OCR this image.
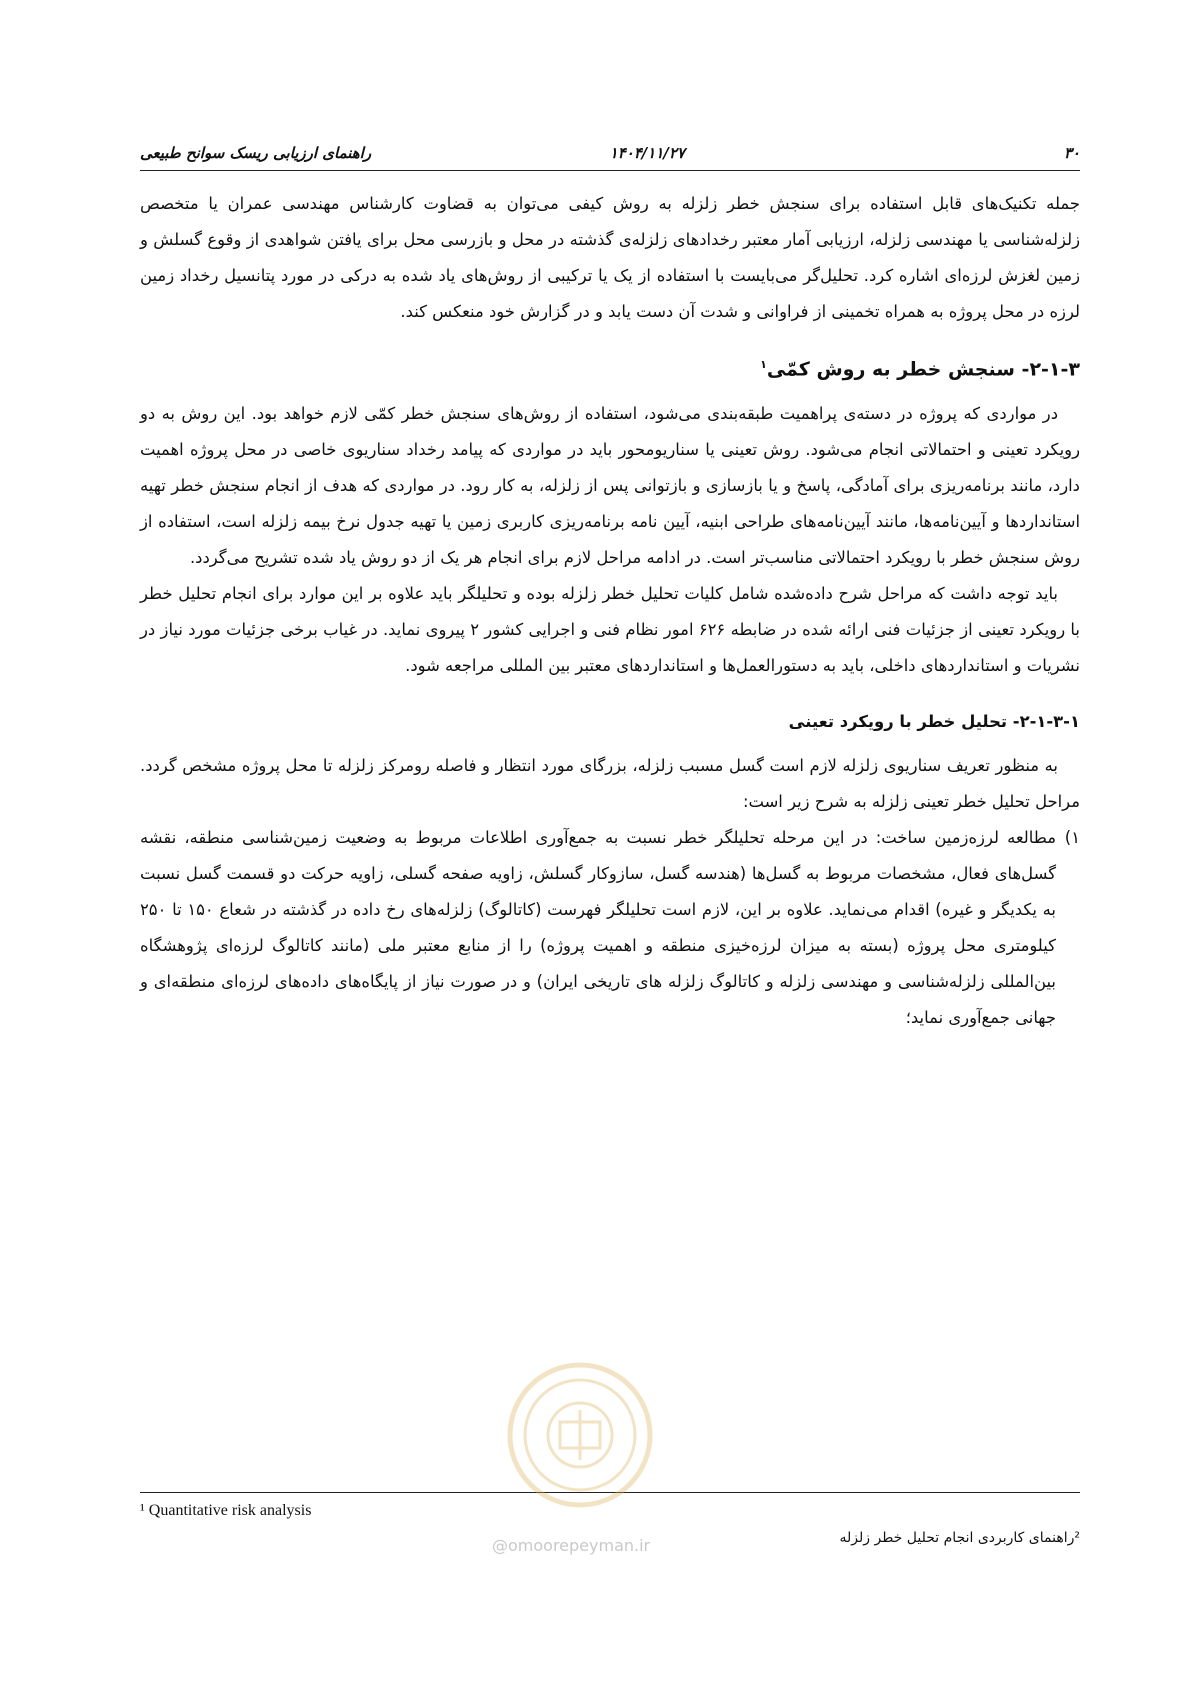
۳۰
۱۴۰۴/۱۱/۲۷
راهنمای ارزیابی ریسک سوانح طبیعی

جمله تکنیک‌های قابل استفاده برای سنجش خطر زلزله به روش کیفی می‌توان به قضاوت کارشناس مهندسی عمران یا متخصص زلزله‌شناسی یا مهندسی زلزله، ارزیابی آمار معتبر رخدادهای زلزله‌ی گذشته در محل و بازرسی محل برای یافتن شواهدی از وقوع گسلش و زمین لغزش لرزه‌ای اشاره کرد. تحلیل‌گر می‌بایست با استفاده از یک یا ترکیبی از روش‌های یاد شده به درکی در مورد پتانسیل رخداد زمین لرزه در محل پروژه به همراه تخمینی از فراوانی و شدت آن دست یابد و در گزارش خود منعکس کند.

۲-۱-۳- سنجش خطر به روش کمّی$^۱$

در مواردی که پروژه در دسته‌ی پراهمیت طبقه‌بندی می‌شود، استفاده از روش‌های سنجش خطر کمّی لازم خواهد بود. این روش به دو رویکرد تعینی و احتمالاتی انجام می‌شود. روش تعینی یا سناریومحور باید در مواردی که پیامد رخداد سناریوی خاصی در محل پروژه اهمیت دارد، مانند برنامه‌ریزی برای آمادگی، پاسخ و یا بازسازی و بازتوانی پس از زلزله، به کار رود. در مواردی که هدف از انجام سنجش خطر تهیه استانداردها و آیین‌نامه‌ها، مانند آیین‌نامه‌های طراحی ابنیه، آیین نامه برنامه‌ریزی کاربری زمین یا تهیه جدول نرخ بیمه زلزله است، استفاده از روش سنجش خطر با رویکرد احتمالاتی مناسب‌تر است. در ادامه مراحل لازم برای انجام هر یک از دو روش یاد شده تشریح می‌گردد.

باید توجه داشت که مراحل شرح داده‌شده شامل کلیات تحلیل خطر زلزله بوده و تحلیلگر باید علاوه بر این موارد برای انجام تحلیل خطر با رویکرد تعینی از جزئیات فنی ارائه شده در ضابطه ۶۲۶ امور نظام فنی و اجرایی کشور ۲ پیروی نماید. در غیاب برخی جزئیات مورد نیاز در نشریات و استانداردهای داخلی، باید به دستورالعمل‌ها و استانداردهای معتبر بین المللی مراجعه شود.

۲-۱-۳-۱- تحلیل خطر با رویکرد تعینی

به منظور تعریف سناریوی زلزله لازم است گسل مسبب زلزله، بزرگای مورد انتظار و فاصله رومرکز زلزله تا محل پروژه مشخص گردد. مراحل تحلیل خطر تعینی زلزله به شرح زیر است:

۱)
مطالعه لرزه‌زمین ساخت: در این مرحله تحلیلگر خطر نسبت به جمع‌آوری اطلاعات مربوط به وضعیت زمین‌شناسی منطقه، نقشه گسل‌های فعال، مشخصات مربوط به گسل‌ها (هندسه گسل، سازوکار گسلش، زاویه صفحه گسلی، زاویه حرکت دو قسمت گسل نسبت به یکدیگر و غیره) اقدام می‌نماید. علاوه بر این، لازم است تحلیلگر فهرست (کاتالوگ) زلزله‌های رخ داده در گذشته در شعاع ۱۵۰ تا ۲۵۰ کیلومتری محل پروژه (بسته به میزان لرزه‌خیزی منطقه و اهمیت پروژه) را از منابع معتبر ملی (مانند کاتالوگ لرزه‌ای پژوهشگاه بین‌المللی زلزله‌شناسی و مهندسی زلزله و کاتالوگ زلزله های تاریخی ایران) و در صورت نیاز از پایگاه‌های داده‌های لرزه‌ای منطقه‌ای و جهانی جمع‌آوری نماید؛

¹ Quantitative risk analysis
²راهنمای کاربردی انجام تحلیل خطر زلزله
@omoorepeyman.ir
